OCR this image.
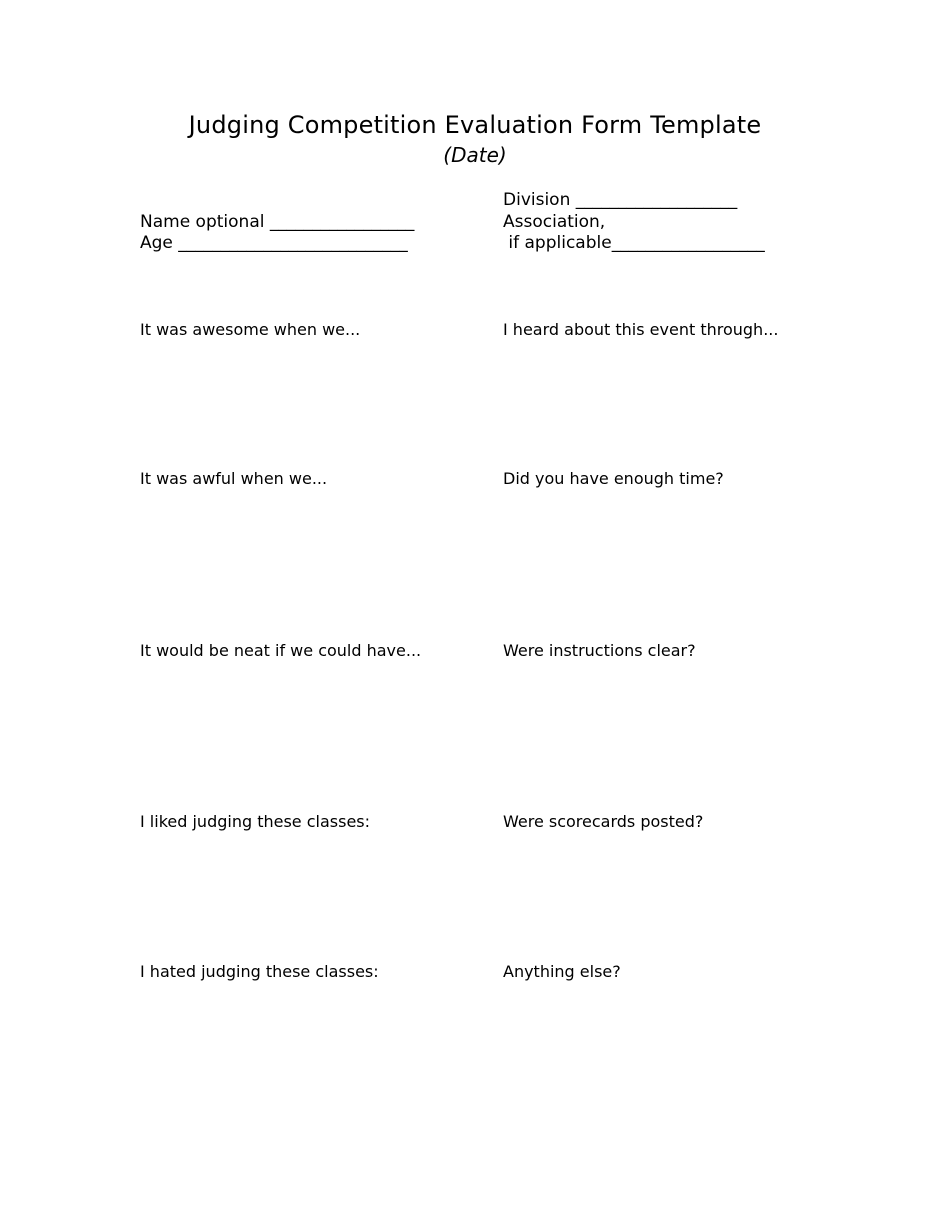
Judging Competition Evaluation Form Template
(Date)
Name optional _________________
Age ___________________________
Division ___________________
Association,
if applicable__________________
It was awesome when we...
It was awful when we...
It would be neat if we could have...
I liked judging these classes:
I hated judging these classes:
I heard about this event through...
Did you have enough time?
Were instructions clear?
Were scorecards posted?
Anything else?
